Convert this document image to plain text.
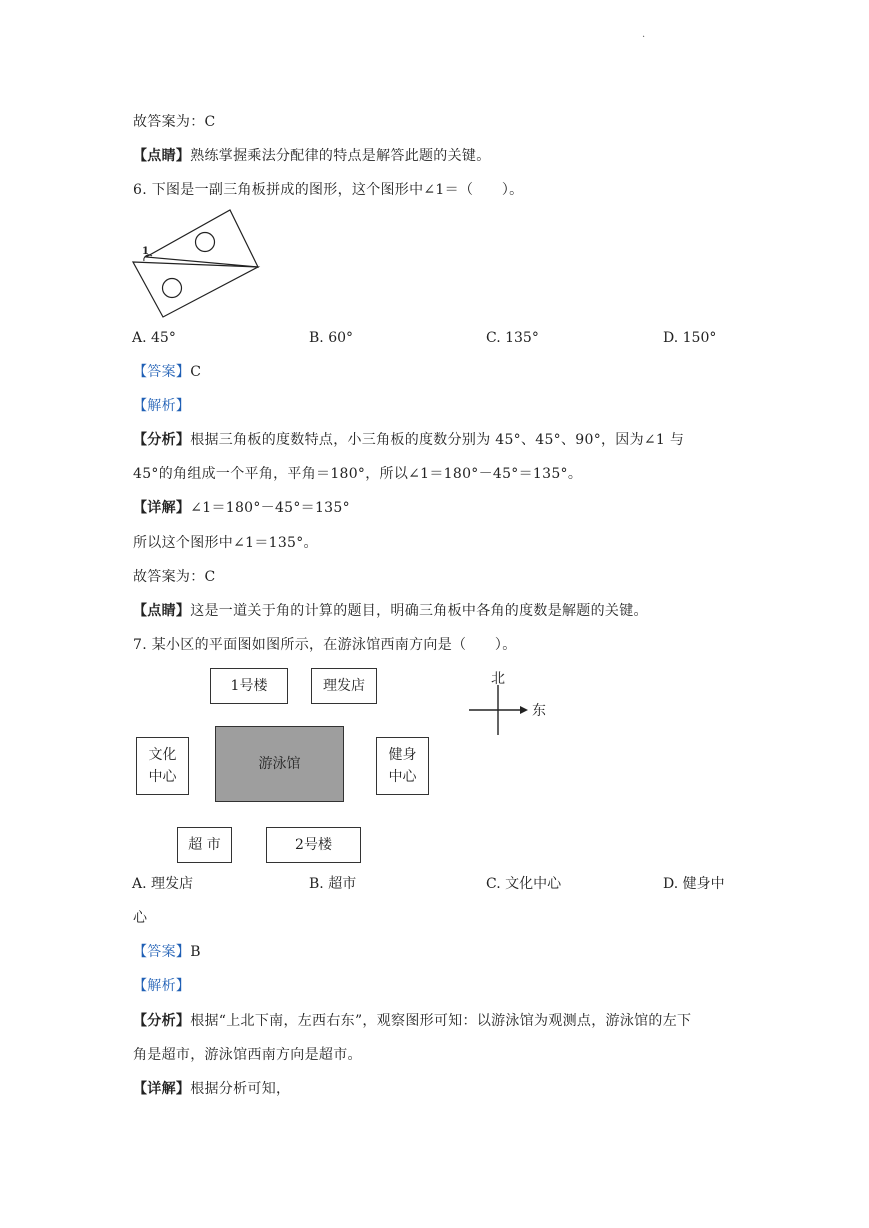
·
故答案为：C
【点睛】熟练掌握乘法分配律的特点是解答此题的关键。
6. 下图是一副三角板拼成的图形，这个图形中∠1＝（　　）。
1
A. 45°	B. 60°	C. 135°	D. 150°
【答案】C
【解析】
【分析】根据三角板的度数特点，小三角板的度数分别为 45°、45°、90°，因为∠1 与
45°的角组成一个平角，平角＝180°，所以∠1＝180°－45°＝135°。
【详解】∠1＝180°－45°＝135°
所以这个图形中∠1＝135°。
故答案为：C
【点睛】这是一道关于角的计算的题目，明确三角板中各角的度数是解题的关键。
7. 某小区的平面图如图所示，在游泳馆西南方向是（　　）。
1号楼	理发店
文化
中心
游泳馆
健身
中心
超 市	2号楼
北
东
A. 理发店	B. 超市	C. 文化中心	D. 健身中
心
【答案】B
【解析】
【分析】根据“上北下南，左西右东”，观察图形可知：以游泳馆为观测点，游泳馆的左下
角是超市，游泳馆西南方向是超市。
【详解】根据分析可知，
